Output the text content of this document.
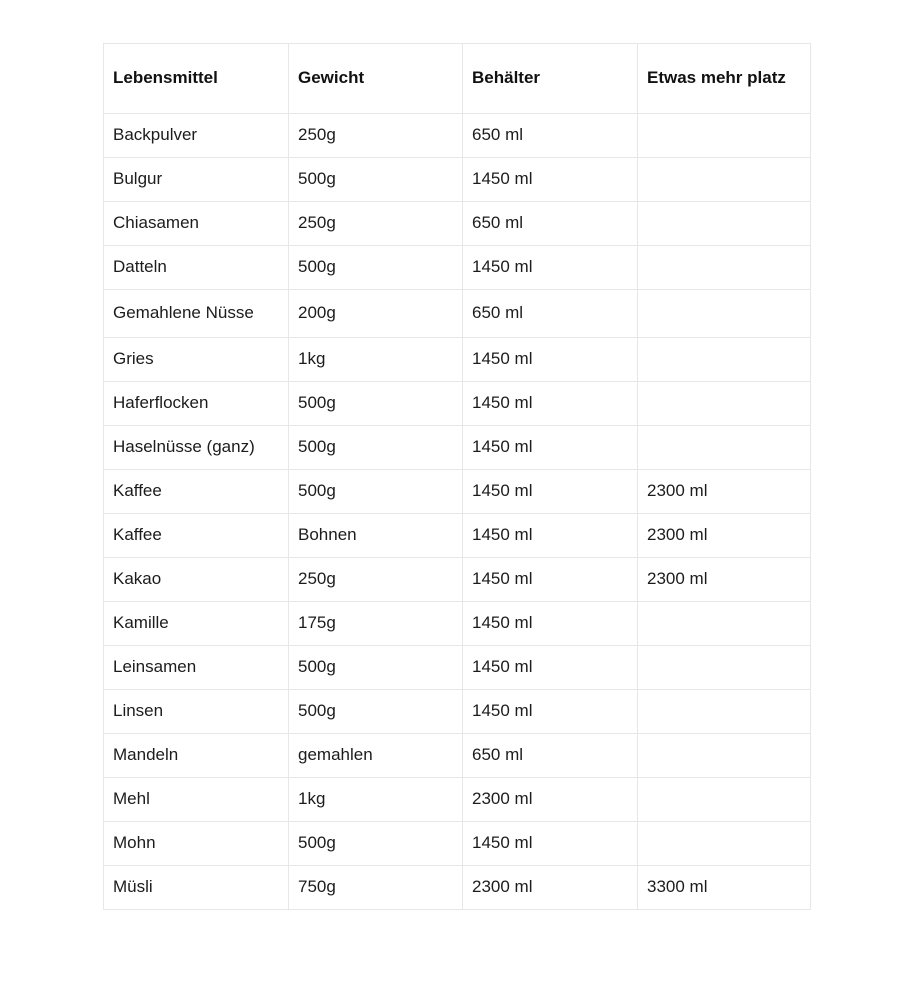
Lebensmittel	Gewicht	Behälter	Etwas mehr platz
Backpulver	250g	650 ml	
Bulgur	500g	1450 ml	
Chiasamen	250g	650 ml	
Datteln	500g	1450 ml	
Gemahlene Nüsse	200g	650 ml	
Gries	1kg	1450 ml	
Haferflocken	500g	1450 ml	
Haselnüsse (ganz)	500g	1450 ml	
Kaffee	500g	1450 ml	2300 ml
Kaffee	Bohnen	1450 ml	2300 ml
Kakao	250g	1450 ml	2300 ml
Kamille	175g	1450 ml	
Leinsamen	500g	1450 ml	
Linsen	500g	1450 ml	
Mandeln	gemahlen	650 ml	
Mehl	1kg	2300 ml	
Mohn	500g	1450 ml	
Müsli	750g	2300 ml	3300 ml
